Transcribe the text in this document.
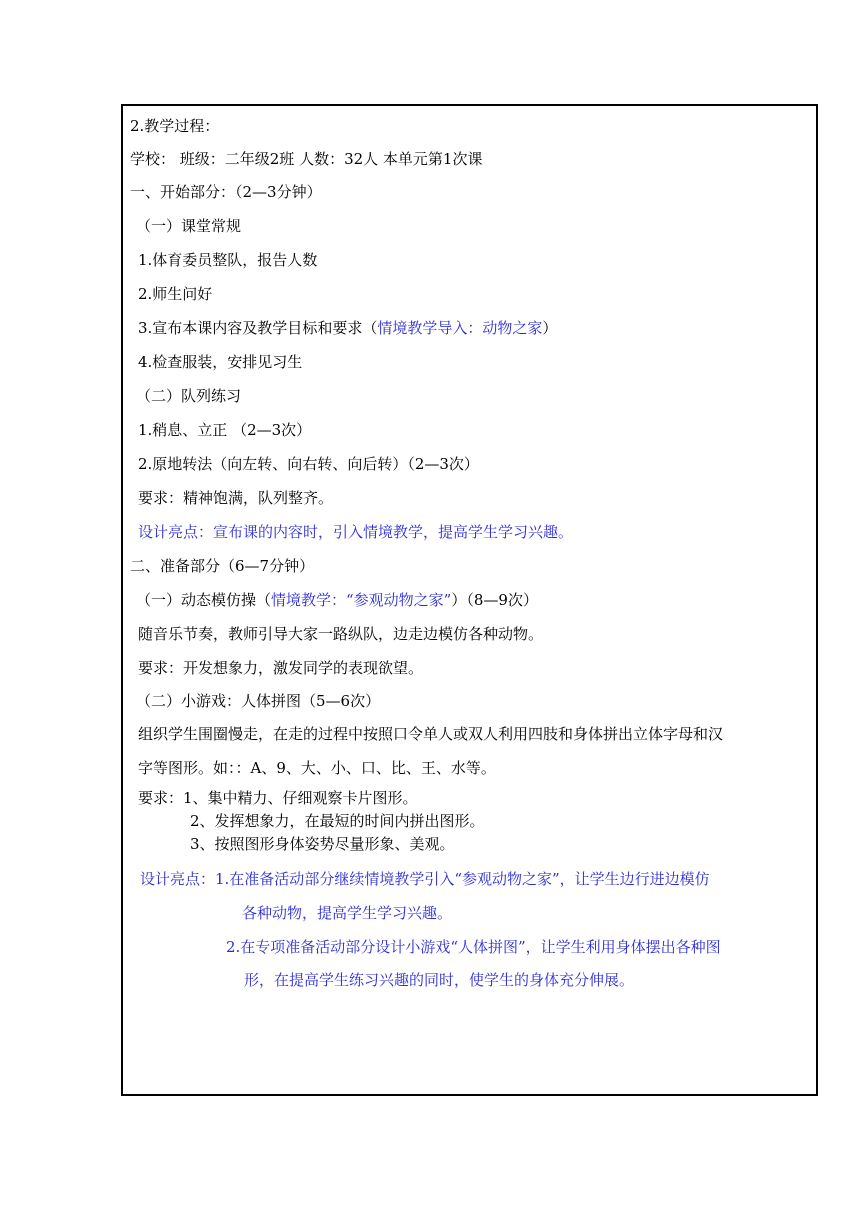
2.教学过程：
学校： 班级：二年级2班 人数：32人 本单元第1次课
一、开始部分：（2—3分钟）
（一）课堂常规
1.体育委员整队，报告人数
2.师生问好
3.宣布本课内容及教学目标和要求（情境教学导入：动物之家）
4.检查服装，安排见习生
（二）队列练习
1.稍息、立正 （2—3次）
2.原地转法（向左转、向右转、向后转）（2—3次）
要求：精神饱满，队列整齐。
设计亮点：宣布课的内容时，引入情境教学，提高学生学习兴趣。
二、准备部分（6—7分钟）
（一）动态模仿操（情境教学：“参观动物之家”）（8—9次）
随音乐节奏，教师引导大家一路纵队，边走边模仿各种动物。
要求：开发想象力，激发同学的表现欲望。
（二）小游戏：人体拼图（5—6次）
组织学生围圈慢走，在走的过程中按照口令单人或双人利用四肢和身体拼出立体字母和汉
字等图形。如：：A、9、大、小、口、比、王、水等。
要求：1、集中精力、仔细观察卡片图形。
2、发挥想象力，在最短的时间内拼出图形。
3、按照图形身体姿势尽量形象、美观。
设计亮点：1.在准备活动部分继续情境教学引入“参观动物之家”，让学生边行进边模仿
各种动物，提高学生学习兴趣。
2.在专项准备活动部分设计小游戏“人体拼图”，让学生利用身体摆出各种图
形，在提高学生练习兴趣的同时，使学生的身体充分伸展。
